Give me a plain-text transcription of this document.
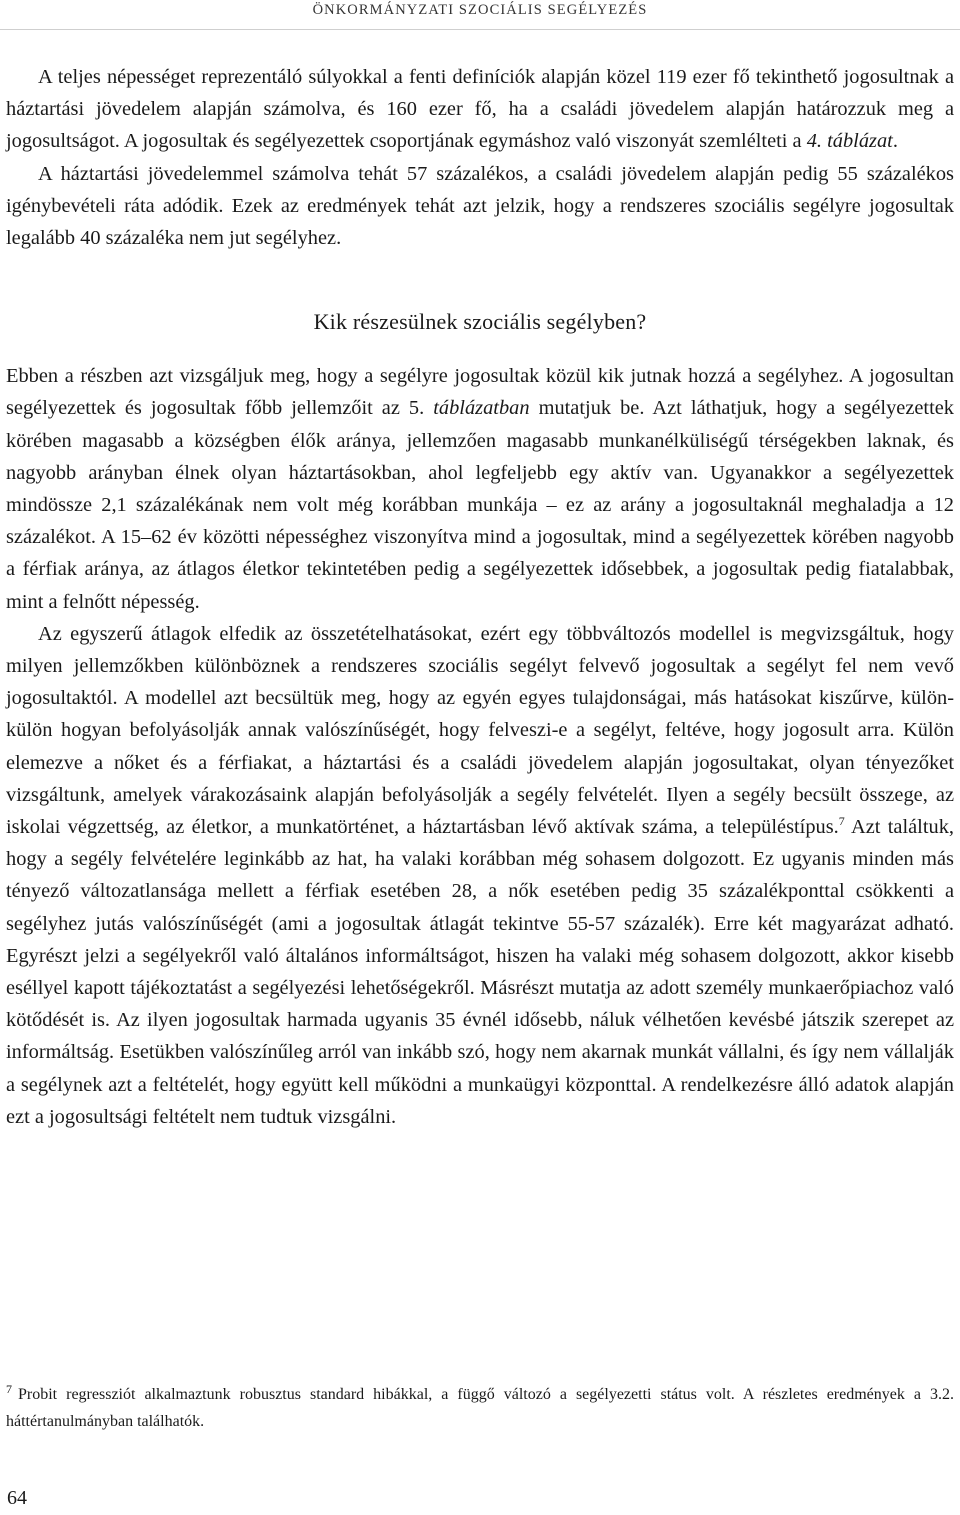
ÖNKORMÁNYZATI SZOCIÁLIS SEGÉLYEZÉS

A teljes népességet reprezentáló súlyokkal a fenti definíciók alapján közel 119 ezer fő tekinthető jogosultnak a háztartási jövedelem alapján számolva, és 160 ezer fő, ha a családi jövedelem alapján határozzuk meg a jogosultságot. A jogosultak és segélyezettek csoportjának egymáshoz való viszonyát szemlélteti a 4. táblázat.

A háztartási jövedelemmel számolva tehát 57 százalékos, a családi jövedelem alapján pedig 55 százalékos igénybevételi ráta adódik. Ezek az eredmények tehát azt jelzik, hogy a rendszeres szociális segélyre jogosultak legalább 40 százaléka nem jut segélyhez.

Kik részesülnek szociális segélyben?

Ebben a részben azt vizsgáljuk meg, hogy a segélyre jogosultak közül kik jutnak hozzá a segélyhez. A jogosultan segélyezettek és jogosultak főbb jellemzőit az 5. táblázatban mutatjuk be. Azt láthatjuk, hogy a segélyezettek körében magasabb a községben élők aránya, jellemzően magasabb munkanélküliségű térségekben laknak, és nagyobb arányban élnek olyan háztartásokban, ahol legfeljebb egy aktív van. Ugyanakkor a segélyezettek mindössze 2,1 százalékának nem volt még korábban munkája – ez az arány a jogosultaknál meghaladja a 12 százalékot. A 15–62 év közötti népességhez viszonyítva mind a jogosultak, mind a segélyezettek körében nagyobb a férfiak aránya, az átlagos életkor tekintetében pedig a segélyezettek idősebbek, a jogosultak pedig fiatalabbak, mint a felnőtt népesség.

Az egyszerű átlagok elfedik az összetételhatásokat, ezért egy többváltozós modellel is megvizsgáltuk, hogy milyen jellemzőkben különböznek a rendszeres szociális segélyt felvevő jogosultak a segélyt fel nem vevő jogosultaktól. A modellel azt becsültük meg, hogy az egyén egyes tulajdonságai, más hatásokat kiszűrve, külön-külön hogyan befolyásolják annak valószínűségét, hogy felveszi-e a segélyt, feltéve, hogy jogosult arra. Külön elemezve a nőket és a férfiakat, a háztartási és a családi jövedelem alapján jogosultakat, olyan tényezőket vizsgáltunk, amelyek várakozásaink alapján befolyásolják a segély felvételét. Ilyen a segély becsült összege, az iskolai végzettség, az életkor, a munkatörténet, a háztartásban lévő aktívak száma, a településtípus.$^7$ Azt találtuk, hogy a segély felvételére leginkább az hat, ha valaki korábban még sohasem dolgozott. Ez ugyanis minden más tényező változatlansága mellett a férfiak esetében 28, a nők esetében pedig 35 százalékponttal csökkenti a segélyhez jutás valószínűségét (ami a jogosultak átlagát tekintve 55-57 százalék). Erre két magyarázat adható. Egyrészt jelzi a segélyekről való általános informáltságot, hiszen ha valaki még sohasem dolgozott, akkor kisebb eséllyel kapott tájékoztatást a segélyezési lehetőségekről. Másrészt mutatja az adott személy munkaerőpiachoz való kötődését is. Az ilyen jogosultak harmada ugyanis 35 évnél idősebb, náluk vélhetően kevésbé játszik szerepet az informáltság. Esetükben valószínűleg arról van inkább szó, hogy nem akarnak munkát vállalni, és így nem vállalják a segélynek azt a feltételét, hogy együtt kell működni a munkaügyi központtal. A rendelkezésre álló adatok alapján ezt a jogosultsági feltételt nem tudtuk vizsgálni.

7 Probit regressziót alkalmaztunk robusztus standard hibákkal, a függő változó a segélyezetti státus volt. A részletes eredmények a 3.2. háttértanulmányban találhatók.
64
